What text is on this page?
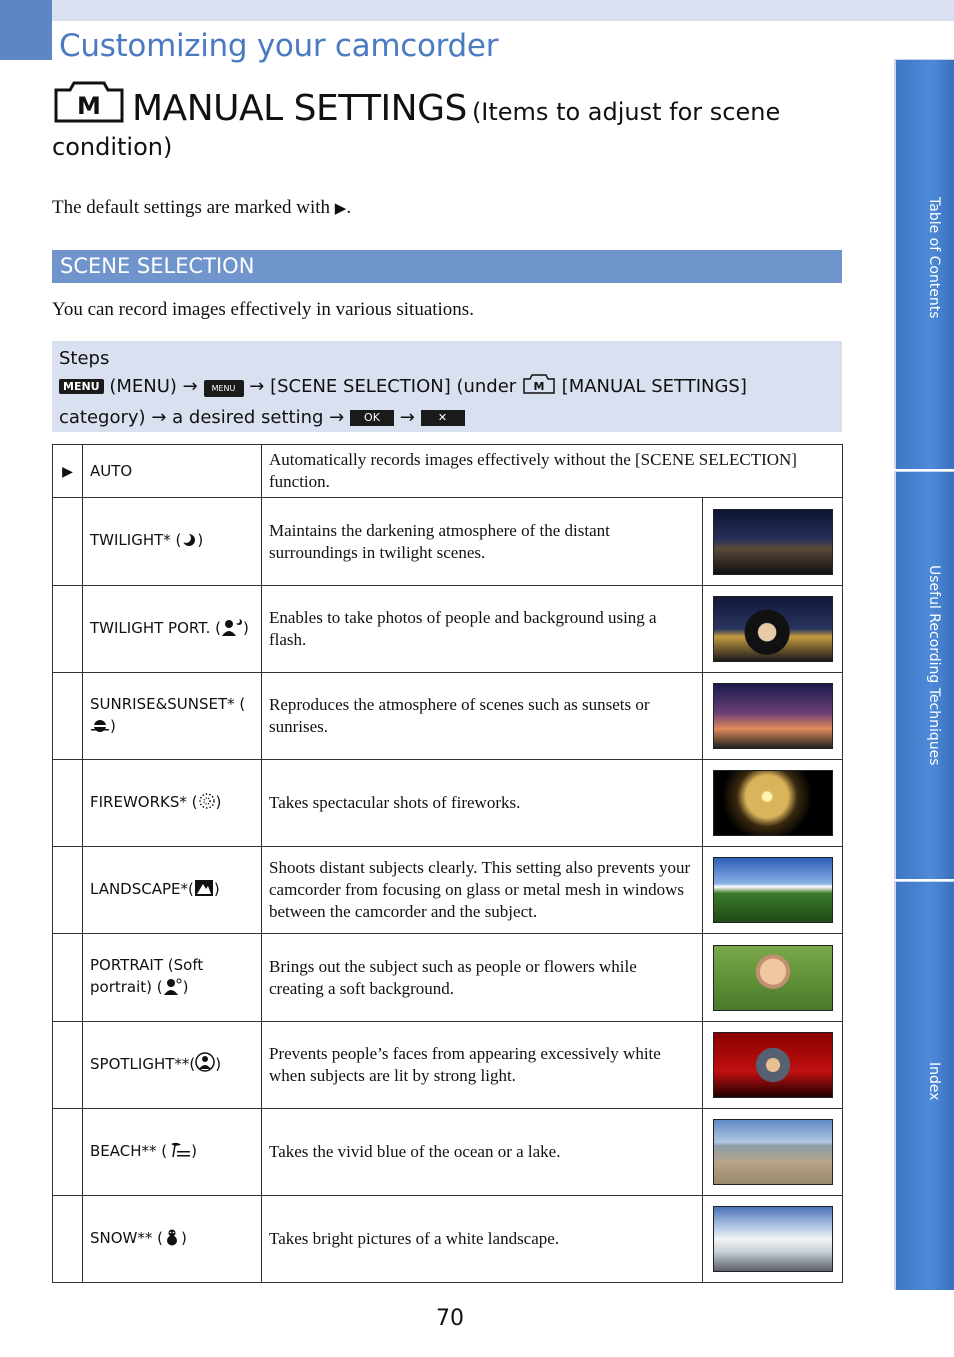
Customizing your camcorder
M MANUAL SETTINGS (Items to adjust for scene
condition)
The default settings are marked with ▶.
SCENE SELECTION
You can record images effectively in various situations.
Steps
MENU (MENU) → MENU → [SCENE SELECTION] (under M [MANUAL SETTINGS]
category) → a desired setting → OK → ✕
▶	AUTO	Automatically records images effectively without the [SCENE SELECTION] function.	
	TWILIGHT* ( )	Maintains the darkening atmosphere of the distant surroundings in twilight scenes.	
	TWILIGHT PORT. ( )	Enables to take photos of people and background using a flash.	
	SUNRISE&SUNSET* ()	Reproduces the atmosphere of scenes such as sunsets or sunrises.	
	FIREWORKS* ( )	Takes spectacular shots of fireworks.	
	LANDSCAPE*( )	Shoots distant subjects clearly. This setting also prevents your camcorder from focusing on glass or metal mesh in windows between the camcorder and the subject.	
	PORTRAIT (Soft portrait) ( )	Brings out the subject such as people or flowers while creating a soft background.	
	SPOTLIGHT**( )	Prevents people’s faces from appearing excessively white when subjects are lit by strong light.	
	BEACH** ( )	Takes the vivid blue of the ocean or a lake.	
	SNOW** ( )	Takes bright pictures of a white landscape.	
Table of Contents
Useful Recording Techniques
Index
70
